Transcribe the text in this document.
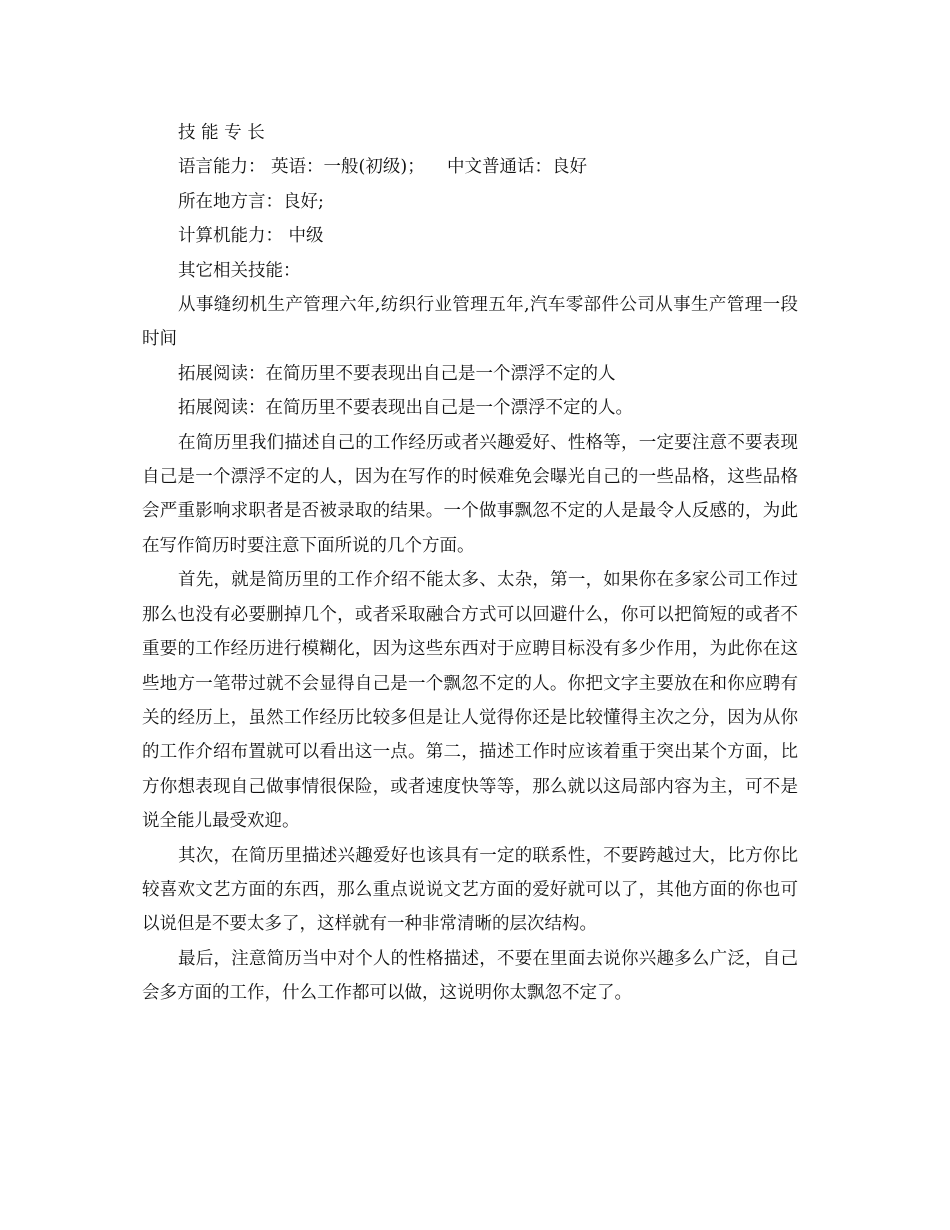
技 能 专 长

语言能力： 英语：一般(初级)；    中文普通话：良好

所在地方言：良好;

计算机能力： 中级

其它相关技能：

从事缝纫机生产管理六年,纺织行业管理五年,汽车零部件公司从事生产管理一段时间

拓展阅读：在简历里不要表现出自己是一个漂浮不定的人

拓展阅读：在简历里不要表现出自己是一个漂浮不定的人。

在简历里我们描述自己的工作经历或者兴趣爱好、性格等，一定要注意不要表现自己是一个漂浮不定的人，因为在写作的时候难免会曝光自己的一些品格，这些品格会严重影响求职者是否被录取的结果。一个做事飘忽不定的人是最令人反感的，为此在写作简历时要注意下面所说的几个方面。

首先，就是简历里的工作介绍不能太多、太杂，第一，如果你在多家公司工作过那么也没有必要删掉几个，或者采取融合方式可以回避什么，你可以把简短的或者不重要的工作经历进行模糊化，因为这些东西对于应聘目标没有多少作用，为此你在这些地方一笔带过就不会显得自己是一个飘忽不定的人。你把文字主要放在和你应聘有关的经历上，虽然工作经历比较多但是让人觉得你还是比较懂得主次之分，因为从你的工作介绍布置就可以看出这一点。第二，描述工作时应该着重于突出某个方面，比方你想表现自己做事情很保险，或者速度快等等，那么就以这局部内容为主，可不是说全能儿最受欢迎。

其次，在简历里描述兴趣爱好也该具有一定的联系性，不要跨越过大，比方你比较喜欢文艺方面的东西，那么重点说说文艺方面的爱好就可以了，其他方面的你也可以说但是不要太多了，这样就有一种非常清晰的层次结构。

最后，注意简历当中对个人的性格描述，不要在里面去说你兴趣多么广泛，自己会多方面的工作，什么工作都可以做，这说明你太飘忽不定了。
